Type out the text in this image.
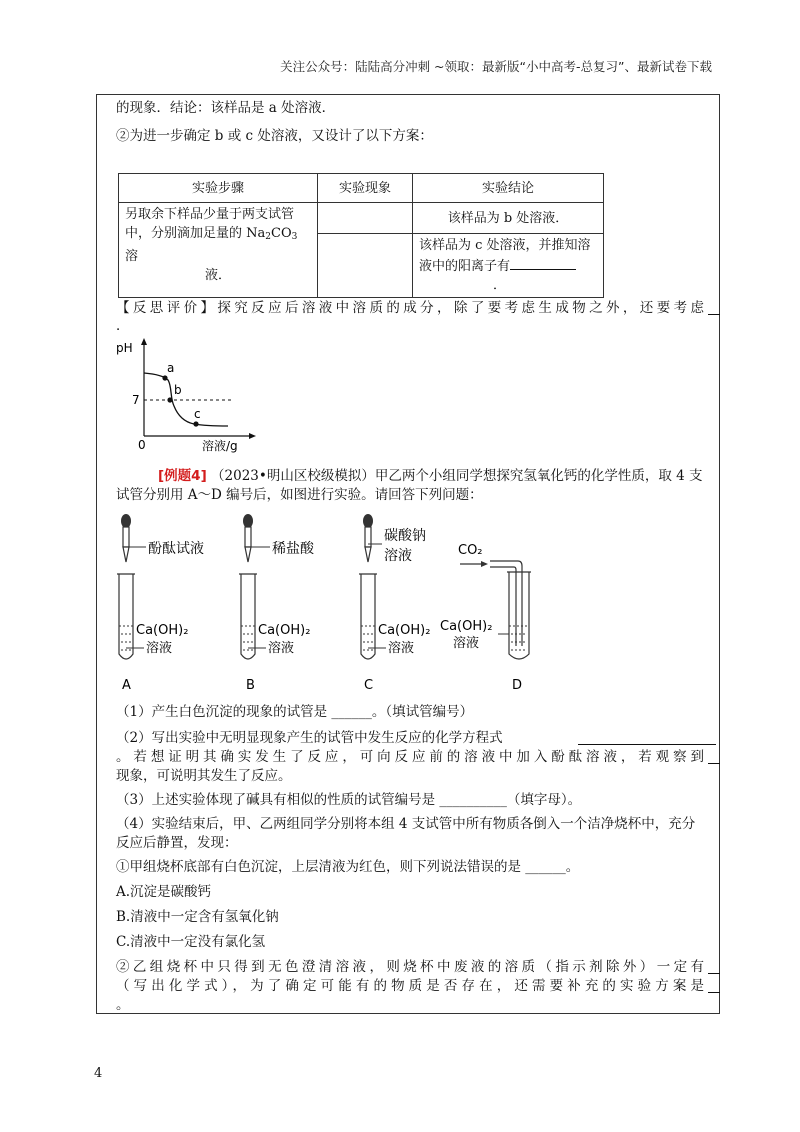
关注公众号：陆陆高分冲刺 ~领取：最新版“小中高考-总复习”、最新试卷下载
的现象．结论：该样品是 a 处溶液．
②为进一步确定 b 或 c 处溶液，又设计了以下方案：
实验步骤	实验现象	实验结论

另取余下样品少量于两支试管
中，分别滴加足量的 $Na_2CO_3$ 溶
液．		该样品为 b 处溶液．

		该样品为 c 处溶液，并推知溶
液中的阳离子有
．
【反思评价】探究反应后溶液中溶质的成分，除了要考虑生成物之外，还要考虑
．
pH
7
0	溶液/g
a
b
c
[例题4] （2023•明山区校级模拟）甲乙两个小组同学想探究氢氧化钙的化学性质，取 4 支
试管分别用 A～D 编号后，如图进行实验。请回答下列问题：
酚酞试液
Ca(OH)₂
溶液
A
稀盐酸
Ca(OH)₂
溶液
B
碳酸钠
溶液
Ca(OH)₂
溶液
C
CO₂
Ca(OH)₂
溶液
D
（1）产生白色沉淀的现象的试管是 ______。（填试管编号）
（2）写出实验中无明显现象产生的试管中发生反应的化学方程式
。若想证明其确实发生了反应，可向反应前的溶液中加入酚酞溶液，若观察到
现象，可说明其发生了反应。
（3）上述实验体现了碱具有相似的性质的试管编号是 __________（填字母）。
（4）实验结束后，甲、乙两组同学分别将本组 4 支试管中所有物质各倒入一个洁净烧杯中，充分
反应后静置，发现：
①甲组烧杯底部有白色沉淀，上层清液为红色，则下列说法错误的是 ______。
A.沉淀是碳酸钙
B.清液中一定含有氢氧化钠
C.清液中一定没有氯化氢
②乙组烧杯中只得到无色澄清溶液，则烧杯中废液的溶质（指示剂除外）一定有
（写出化学式），为了确定可能有的物质是否存在，还需要补充的实验方案是
。
4
